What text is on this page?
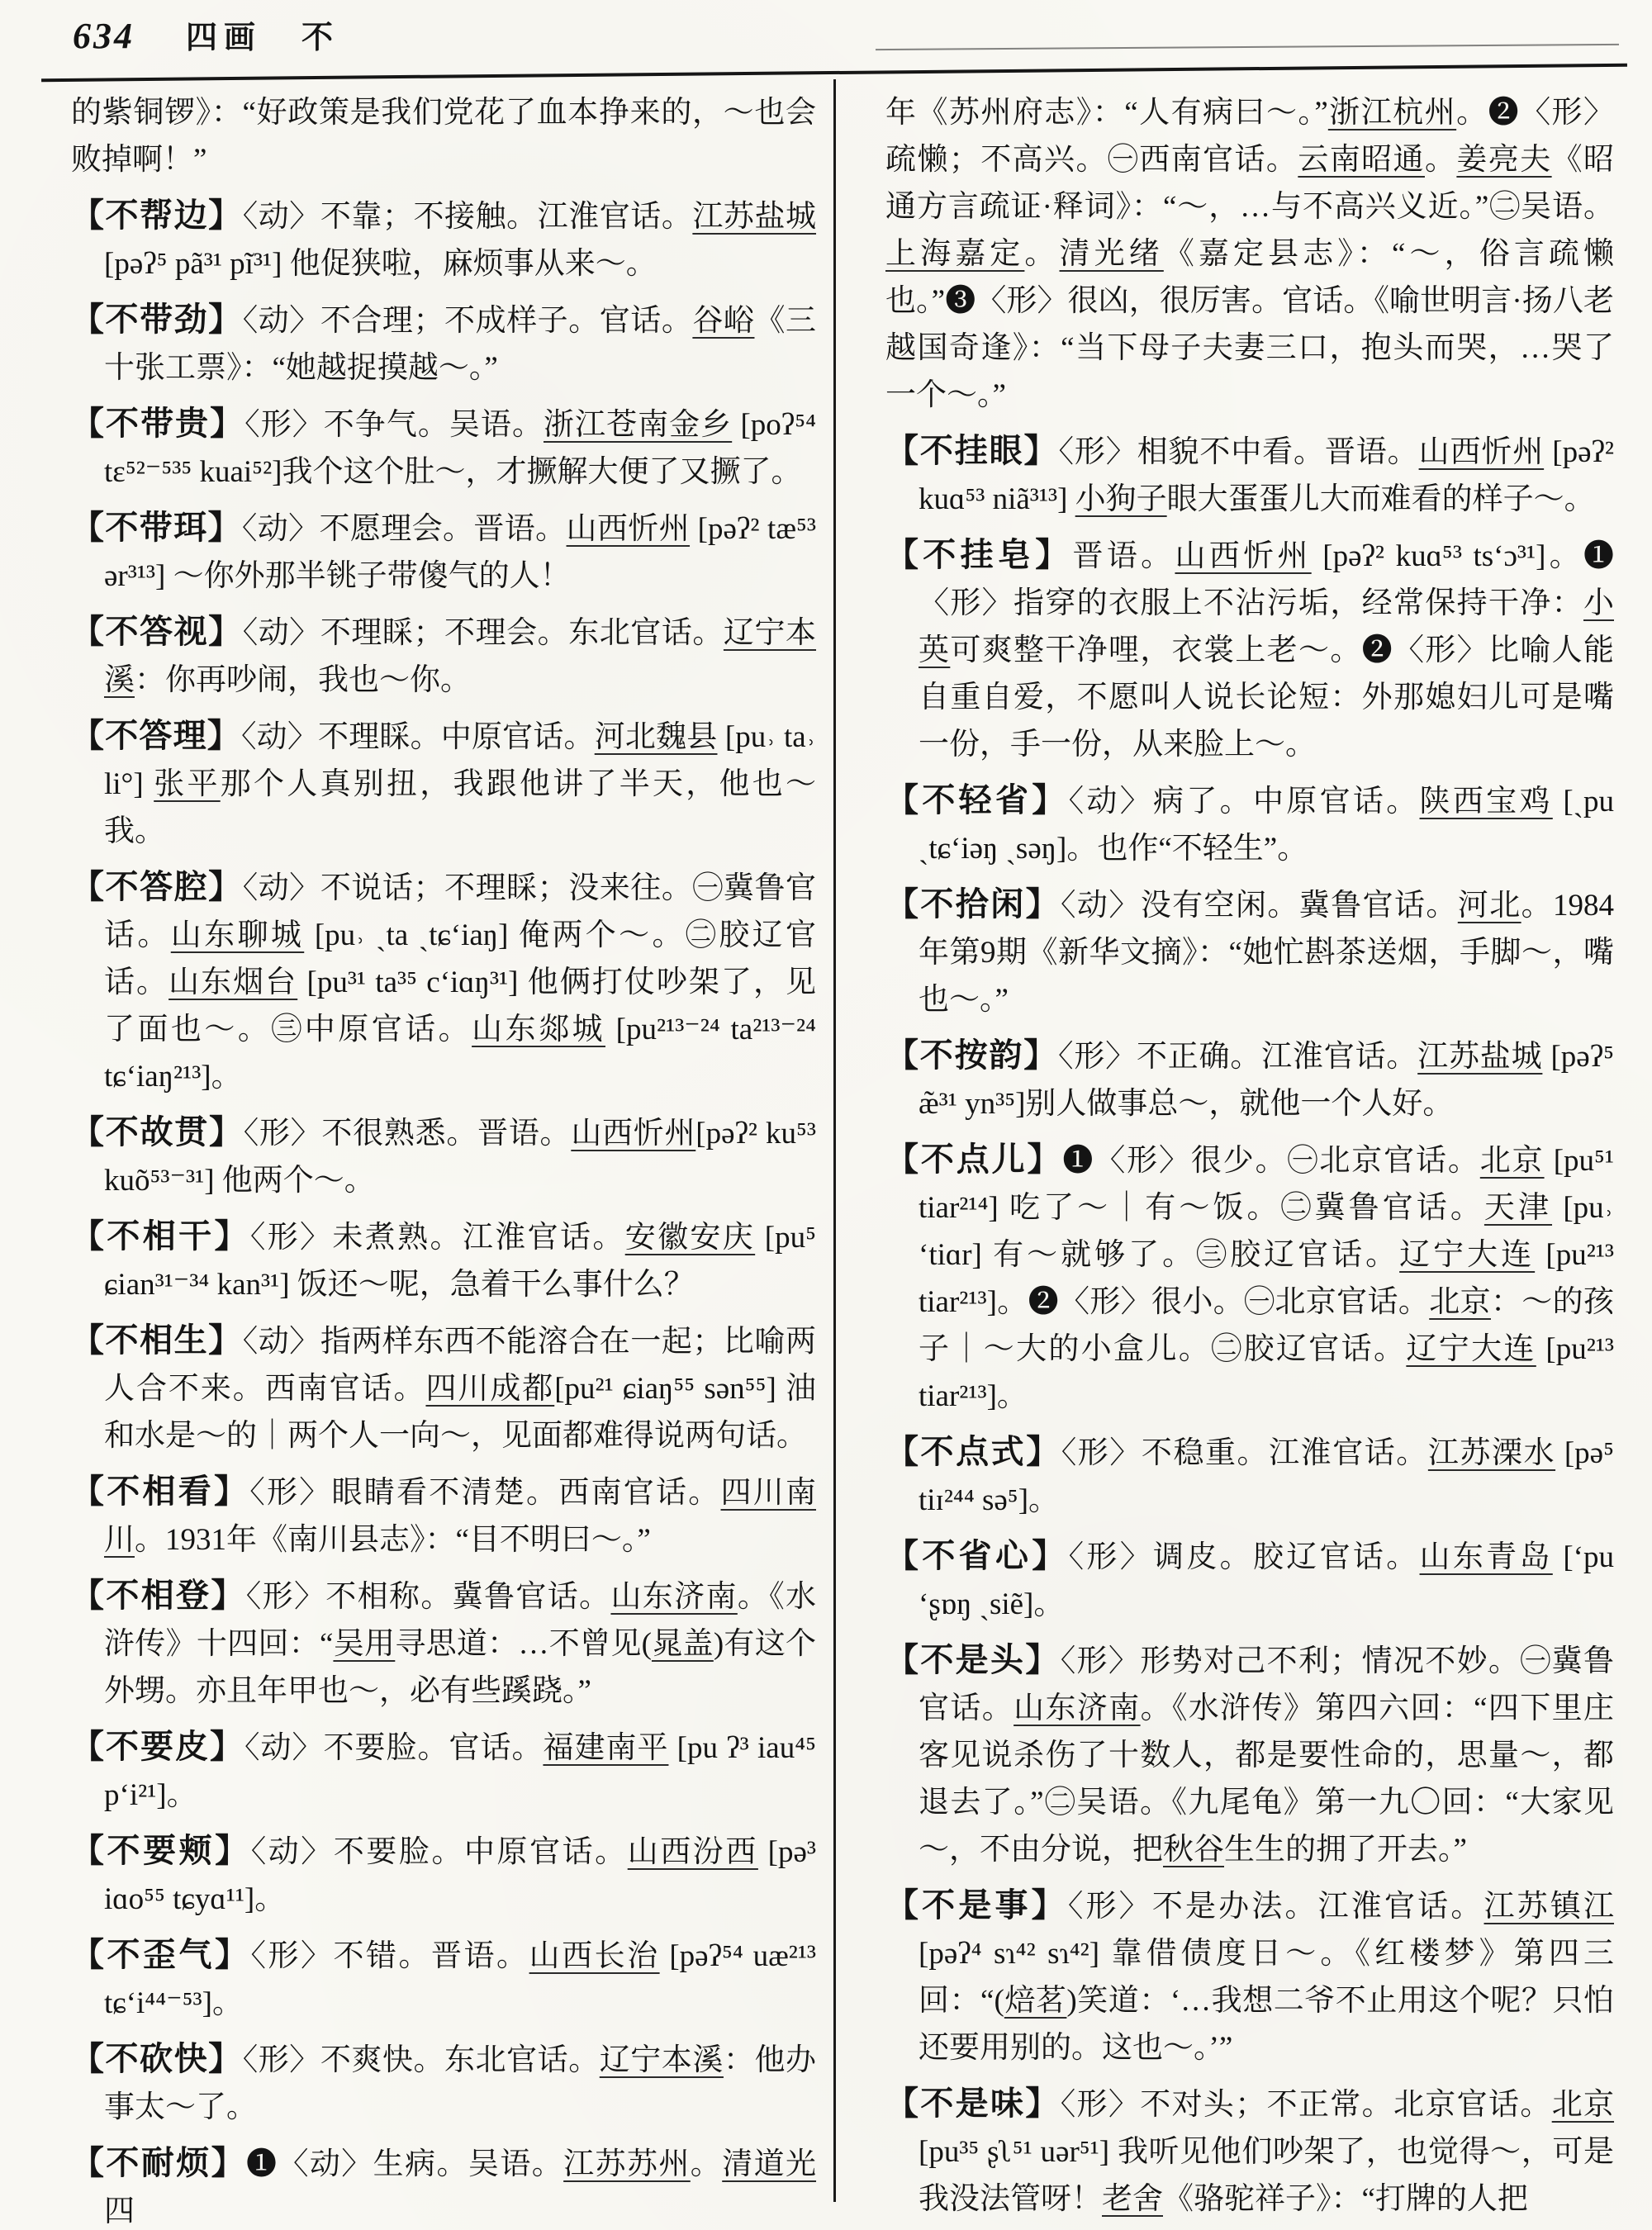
634 四画 不
的紫铜锣》：“好政策是我们党花了血本挣来的，～也会败掉啊！”
【不帮边】〈动〉不靠；不接触。江淮官话。江苏盐城 [pəʔ⁵ pã³¹ pĩ³¹] 他促狭啦，麻烦事从来～。
【不带劲】〈动〉不合理；不成样子。官话。谷峪《三十张工票》：“她越捉摸越～。”
【不带贵】〈形〉不争气。吴语。浙江苍南金乡 [poʔ⁵⁴ tɛ⁵²⁻⁵³⁵ kuai⁵²]我个这个肚～，才撅解大便了又撅了。
【不带珥】〈动〉不愿理会。晋语。山西忻州 [pəʔ² tæ⁵³ ər³¹³] ～你外那半铫子带傻气的人！
【不答视】〈动〉不理睬；不理会。东北官话。辽宁本溪：你再吵闹，我也～你。
【不答理】〈动〉不理睬。中原官话。河北魏县 [pu˒ ta˒ li°] 张平那个人真别扭，我跟他讲了半天，他也～我。
【不答腔】〈动〉不说话；不理睬；没来往。㊀冀鲁官话。山东聊城 [pu˒ ˏta ˏtɕʻiaŋ] 俺两个～。㊁胶辽官话。山东烟台 [pu³¹ ta³⁵ cʻiɑŋ³¹] 他俩打仗吵架了，见了面也～。㊂中原官话。山东郯城 [pu²¹³⁻²⁴ ta²¹³⁻²⁴ tɕʻiaŋ²¹³]。
【不故贯】〈形〉不很熟悉。晋语。山西忻州[pəʔ² ku⁵³ kuõ⁵³⁻³¹] 他两个～。
【不相干】〈形〉未煮熟。江淮官话。安徽安庆 [pu⁵ ɕian³¹⁻³⁴ kan³¹] 饭还～呢，急着干么事什么？
【不相生】〈动〉指两样东西不能溶合在一起；比喻两人合不来。西南官话。四川成都[pu²¹ ɕiaŋ⁵⁵ sən⁵⁵] 油和水是～的｜两个人一向～，见面都难得说两句话。
【不相看】〈形〉眼睛看不清楚。西南官话。四川南川。1931年《南川县志》：“目不明曰～。”
【不相登】〈形〉不相称。冀鲁官话。山东济南。《水浒传》十四回：“吴用寻思道：…不曾见(晁盖)有这个外甥。亦且年甲也～，必有些蹊跷。”
【不要皮】〈动〉不要脸。官话。福建南平 [pu ʔ³ iau⁴⁵ pʻi²¹]。
【不要颊】〈动〉不要脸。中原官话。山西汾西 [pə³ iɑo⁵⁵ tɕyɑ¹¹]。
【不歪气】〈形〉不错。晋语。山西长治 [pəʔ⁵⁴ uæ²¹³ tɕʻi⁴⁴⁻⁵³]。
【不砍快】〈形〉不爽快。东北官话。辽宁本溪：他办事太～了。
【不耐烦】❶〈动〉生病。吴语。江苏苏州。清道光四
年《苏州府志》：“人有病曰～。”浙江杭州。❷〈形〉疏懒；不高兴。㊀西南官话。云南昭通。姜亮夫《昭通方言疏证·释词》：“～，…与不高兴义近。”㊁吴语。上海嘉定。清光绪《嘉定县志》：“～，俗言疏懒也。”❸〈形〉很凶，很厉害。官话。《喻世明言·扬八老越国奇逢》：“当下母子夫妻三口，抱头而哭，…哭了一个～。”
【不挂眼】〈形〉相貌不中看。晋语。山西忻州 [pəʔ² kuɑ⁵³ niã³¹³] 小狗子眼大蛋蛋儿大而难看的样子～。
【不挂皂】晋语。山西忻州 [pəʔ² kuɑ⁵³ tsʻɔ³¹]。❶〈形〉指穿的衣服上不沾污垢，经常保持干净：小英可爽整干净哩，衣裳上老～。❷〈形〉比喻人能自重自爱，不愿叫人说长论短：外那媳妇儿可是嘴一份，手一份，从来脸上～。
【不轻省】〈动〉病了。中原官话。陕西宝鸡 [ˏpu ˏtɕʻiəŋ ˏsəŋ]。也作“不轻生”。
【不拾闲】〈动〉没有空闲。冀鲁官话。河北。1984年第9期《新华文摘》：“她忙斟茶送烟，手脚～，嘴也～。”
【不按韵】〈形〉不正确。江淮官话。江苏盐城 [pəʔ⁵ æ̃³¹ yn³⁵]别人做事总～，就他一个人好。
【不点儿】❶〈形〉很少。㊀北京官话。北京 [pu⁵¹ tiar²¹⁴] 吃了～｜有～饭。㊁冀鲁官话。天津 [pu˒ ʻtiɑr] 有～就够了。㊂胶辽官话。辽宁大连 [pu²¹³ tiar²¹³]。❷〈形〉很小。㊀北京官话。北京：～的孩子｜～大的小盒儿。㊁胶辽官话。辽宁大连 [pu²¹³ tiar²¹³]。
【不点式】〈形〉不稳重。江淮官话。江苏溧水 [pə⁵ tiɪ²⁴⁴ sə⁵]。
【不省心】〈形〉调皮。胶辽官话。山东青岛 [ʻpu ʻʂɒŋ ˏsiẽ]。
【不是头】〈形〉形势对己不利；情况不妙。㊀冀鲁官话。山东济南。《水浒传》第四六回：“四下里庄客见说杀伤了十数人，都是要性命的，思量～，都退去了。”㊁吴语。《九尾龟》第一九〇回：“大家见～，不由分说，把秋谷生生的拥了开去。”
【不是事】〈形〉不是办法。江淮官话。江苏镇江[pəʔ⁴ sɿ⁴² sɿ⁴²] 靠借债度日～。《红楼梦》第四三回：“(焙茗)笑道：‘…我想二爷不止用这个呢？只怕还要用别的。这也～。’”
【不是味】〈形〉不对头；不正常。北京官话。北京 [pu³⁵ ʂʅ⁵¹ uər⁵¹] 我听见他们吵架了，也觉得～，可是我没法管呀！老舍《骆驼祥子》：“打牌的人把
